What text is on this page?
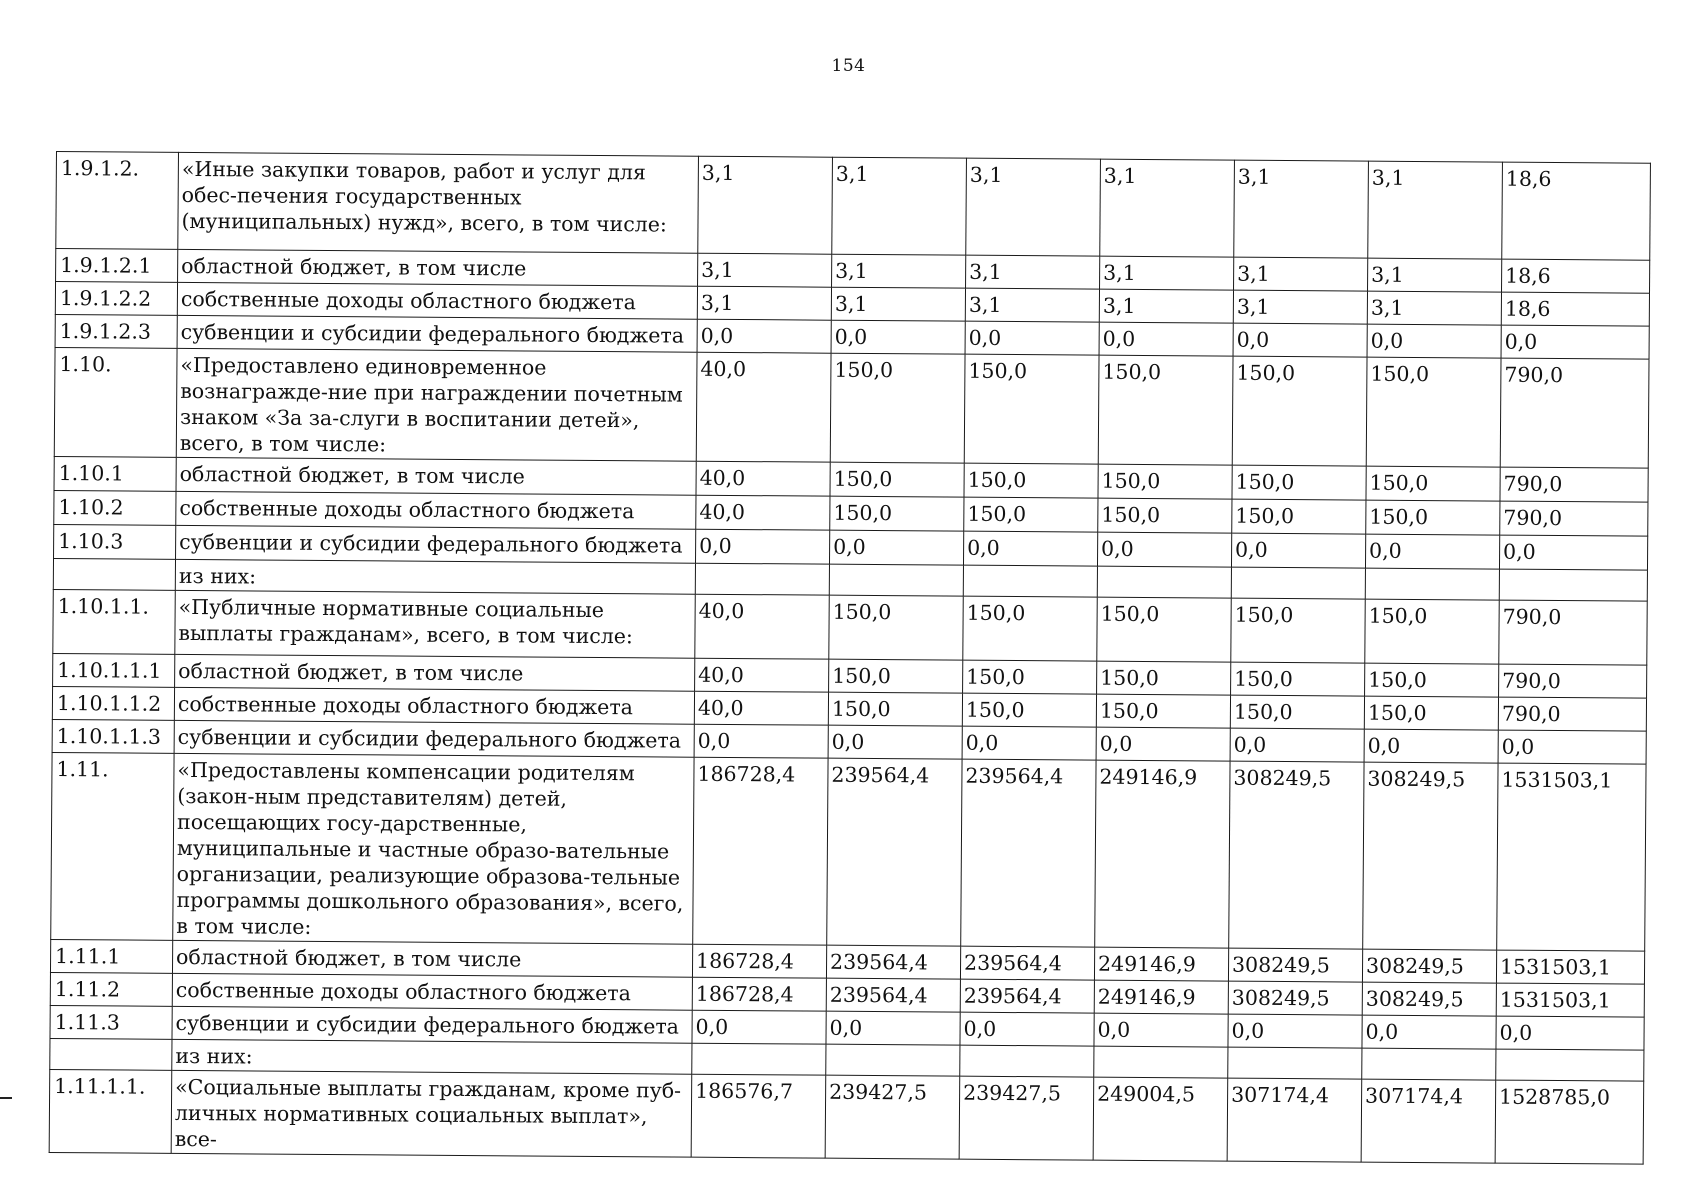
154
1.9.1.2.	«Иные закупки товаров, работ и услуг для обес-печения государственных (муниципальных) нужд», всего, в том числе:	3,1	3,1	3,1	3,1	3,1	3,1	18,6
1.9.1.2.1	областной бюджет, в том числе	3,1	3,1	3,1	3,1	3,1	3,1	18,6
1.9.1.2.2	собственные доходы областного бюджета	3,1	3,1	3,1	3,1	3,1	3,1	18,6
1.9.1.2.3	субвенции и субсидии федерального бюджета	0,0	0,0	0,0	0,0	0,0	0,0	0,0
1.10.	«Предоставлено единовременное вознагражде-ние при награждении почетным знаком «За за-слуги в воспитании детей», всего, в том числе:	40,0	150,0	150,0	150,0	150,0	150,0	790,0
1.10.1	областной бюджет, в том числе	40,0	150,0	150,0	150,0	150,0	150,0	790,0
1.10.2	собственные доходы областного бюджета	40,0	150,0	150,0	150,0	150,0	150,0	790,0
1.10.3	субвенции и субсидии федерального бюджета	0,0	0,0	0,0	0,0	0,0	0,0	0,0
	из них:							
1.10.1.1.	«Публичные нормативные социальные выплаты гражданам», всего, в том числе:	40,0	150,0	150,0	150,0	150,0	150,0	790,0
1.10.1.1.1	областной бюджет, в том числе	40,0	150,0	150,0	150,0	150,0	150,0	790,0
1.10.1.1.2	собственные доходы областного бюджета	40,0	150,0	150,0	150,0	150,0	150,0	790,0
1.10.1.1.3	субвенции и субсидии федерального бюджета	0,0	0,0	0,0	0,0	0,0	0,0	0,0
1.11.	«Предоставлены компенсации родителям (закон-ным представителям) детей, посещающих госу-дарственные, муниципальные и частные образо-вательные организации, реализующие образова-тельные программы дошкольного образования», всего, в том числе:	186728,4	239564,4	239564,4	249146,9	308249,5	308249,5	1531503,1
1.11.1	областной бюджет, в том числе	186728,4	239564,4	239564,4	249146,9	308249,5	308249,5	1531503,1
1.11.2	собственные доходы областного бюджета	186728,4	239564,4	239564,4	249146,9	308249,5	308249,5	1531503,1
1.11.3	субвенции и субсидии федерального бюджета	0,0	0,0	0,0	0,0	0,0	0,0	0,0
	из них:							
1.11.1.1.	«Социальные выплаты гражданам, кроме пуб-личных нормативных социальных выплат», все-	186576,7	239427,5	239427,5	249004,5	307174,4	307174,4	1528785,0
